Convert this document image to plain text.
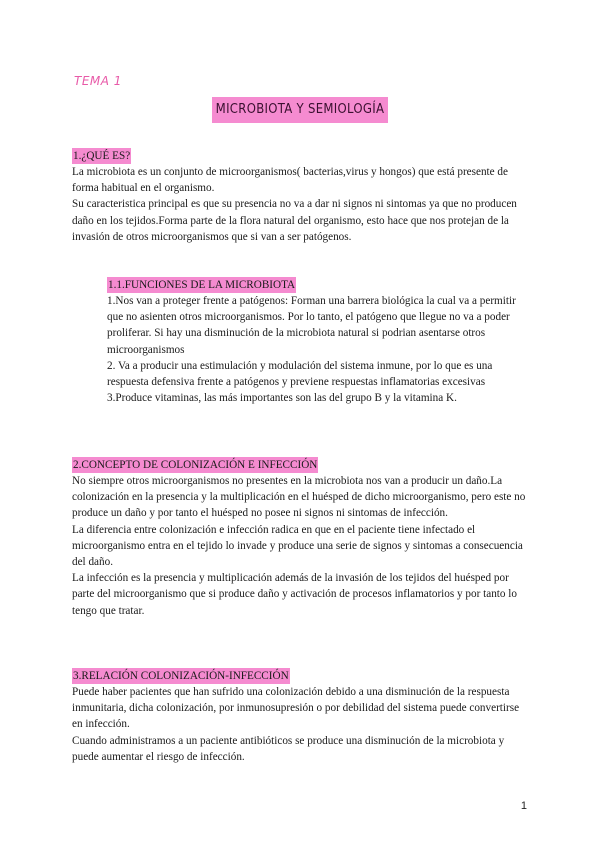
TEMA 1
MICROBIOTA Y SEMIOLOGÍA
1.¿QUÉ ES?

La microbiota es un conjunto de microorganismos( bacterias,virus y hongos) que está presente de forma habitual en el organismo.

Su caracteristica principal es que su presencia no va a dar ni signos ni sintomas ya que no producen daño en los tejidos.Forma parte de la flora natural del organismo, esto hace que nos protejan de la invasión de otros microorganismos que si van a ser patógenos.

1.1.FUNCIONES DE LA MICROBIOTA

1.Nos van a proteger frente a patógenos: Forman una barrera biológica la cual va a permitir que no asienten otros microorganismos. Por lo tanto, el patógeno que llegue no va a poder proliferar. Si hay una disminución de la microbiota natural si podrian asentarse otros microorganismos

2. Va a producir una estimulación y modulación del sistema inmune, por lo que es una respuesta defensiva frente a patógenos y previene respuestas inflamatorias excesivas

3.Produce vitaminas, las más importantes son las del grupo B y la vitamina K.

2.CONCEPTO DE COLONIZACIÓN E INFECCIÓN

No siempre otros microorganismos no presentes en la microbiota nos van a producir un daño.La colonización en la presencia y la multiplicación en el huésped de dicho microorganismo, pero este no produce un daño y por tanto el huésped no posee ni signos ni sintomas de infección.

La diferencia entre colonización e infección radica en que en el paciente tiene infectado el microorganismo entra en el tejido lo invade y produce una serie de signos y sintomas a consecuencia del daño.

La infección es la presencia y multiplicación además de la invasión de los tejidos del huésped por parte del microorganismo que si produce daño y activación de procesos inflamatorios y por tanto lo tengo que tratar.

3.RELACIÓN COLONIZACIÓN-INFECCIÓN

Puede haber pacientes que han sufrido una colonización debido a una disminución de la respuesta inmunitaria, dicha colonización, por inmunosupresión o por debilidad del sistema puede convertirse en infección.

Cuando administramos a un paciente antibióticos se produce una disminución de la microbiota y puede aumentar el riesgo de infección.

1
